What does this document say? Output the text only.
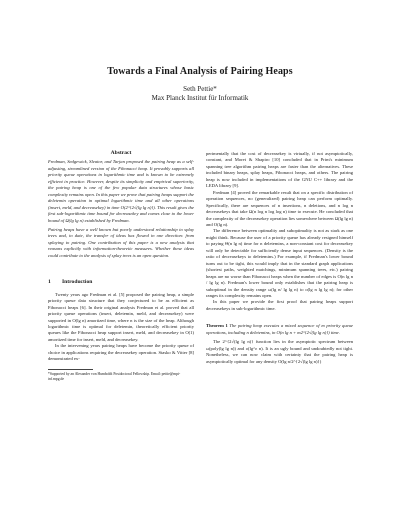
Towards a Final Analysis of Pairing Heaps
Seth Pettie*
Max Planck Institut für Informatik
Abstract

Fredman, Sedgewick, Sleator, and Tarjan proposed the pairing heap as a self-adjusting, streamlined version of the Fibonacci heap. It provably supports all priority queue operations in logarithmic time and is known to be extremely efficient in practice. However, despite its simplicity and empirical superiority, the pairing heap is one of the few popular data structures whose basic complexity remains open. In this paper we prove that pairing heaps support the deletemin operation in optimal logarithmic time and all other operations (insert, meld, and decreasekey) in time O(2^{2√(lg lg n)}). This result gives the first sub-logarithmic time bound for decreasekey and comes close to the lower bound of Ω(lg lg n) established by Fredman.

Pairing heaps have a well known but poorly understood relationship to splay trees and, to date, the transfer of ideas has flowed in one direction: from splaying to pairing. One contribution of this paper is a new analysis that reasons explicitly with information-theoretic measures. Whether these ideas could contribute to the analysis of splay trees is an open question.

1 Introduction

Twenty years ago Fredman et al. [5] proposed the pairing heap, a simple priority queue data structure that they conjectured to be as efficient as Fibonacci heaps [6]. In their original analysis Fredman et al. proved that all priority queue operations (insert, deletemin, meld, and decreasekey) were supported in O(lg n) amortized time, where n is the size of the heap. Although logarithmic time is optimal for deletemin, theoretically efficient priority queues like the Fibonacci heap support insert, meld, and decreasekey in O(1) amortized time for insert, meld, and decreasekey.

In the intervening years pairing heaps have become the priority queue of choice in applications requiring the decreasekey operation. Stasko & Vitter [8] demonstrated ex-

*Supported by an Alexander von Humboldt Postdoctoral Fellowship. Email: pettie@mpi-inf.mpg.de

perimentally that the cost of decreasekey is virtually, if not asymptotically, constant, and Moret & Shapiro [10] concluded that in Prim's minimum spanning tree algorithm pairing heaps are faster than the alternatives. These included binary heaps, splay heaps, Fibonacci heaps, and others. The pairing heap is now included in implementations of the GNU C++ library and the LEDA library [9].

Fredman [4] proved the remarkable result that on a specific distribution of operation sequences, no (generalized) pairing heap can perform optimally. Specifically, there are sequences of n insertions, n deletions, and n log n decreasekeys that take Ω(n log n log log n) time to execute. He concluded that the complexity of the decreasekey operation lies somewhere between Ω(lg lg n) and O(lg n).

The difference between optimality and suboptimality is not as stark as one might think. Because the user of a priority queue has already resigned himself to paying Θ(n lg n) time for n deletemins, a non-constant cost for decreasekey will only be detectable for sufficiently dense input sequences. (Density is the ratio of decreasekeys to deletemins.) For example, if Fredman's lower bound turns out to be tight, this would imply that in the standard graph applications (shortest paths, weighted matchings, minimum spanning trees, etc.) pairing heaps are no worse than Fibonacci heaps when the number of edges is O(n lg n / lg lg n). Fredman's lower bound only establishes that the pairing heap is suboptimal in the density range ω(lg n/ lg lg n) to o(lg n lg lg n); for other ranges its complexity remains open.

In this paper we provide the first proof that pairing heaps support decreasekeys in sub-logarithmic time.

Theorem 1 The pairing heap executes a mixed sequence of m priority queue operations, including n deletemins, in O(n lg n + m2^{2√(lg lg n)}) time.

The 2^{2√(lg lg n)} function lies in the asymptotic spectrum between ω(poly(lg lg n)) and o(lg^ε n). It is an ugly bound and undoubtedly not tight. Nonetheless, we can now claim with certainty that the pairing heap is asymptotically optimal for any density O(lg n/2^{2√(lg lg n)})
